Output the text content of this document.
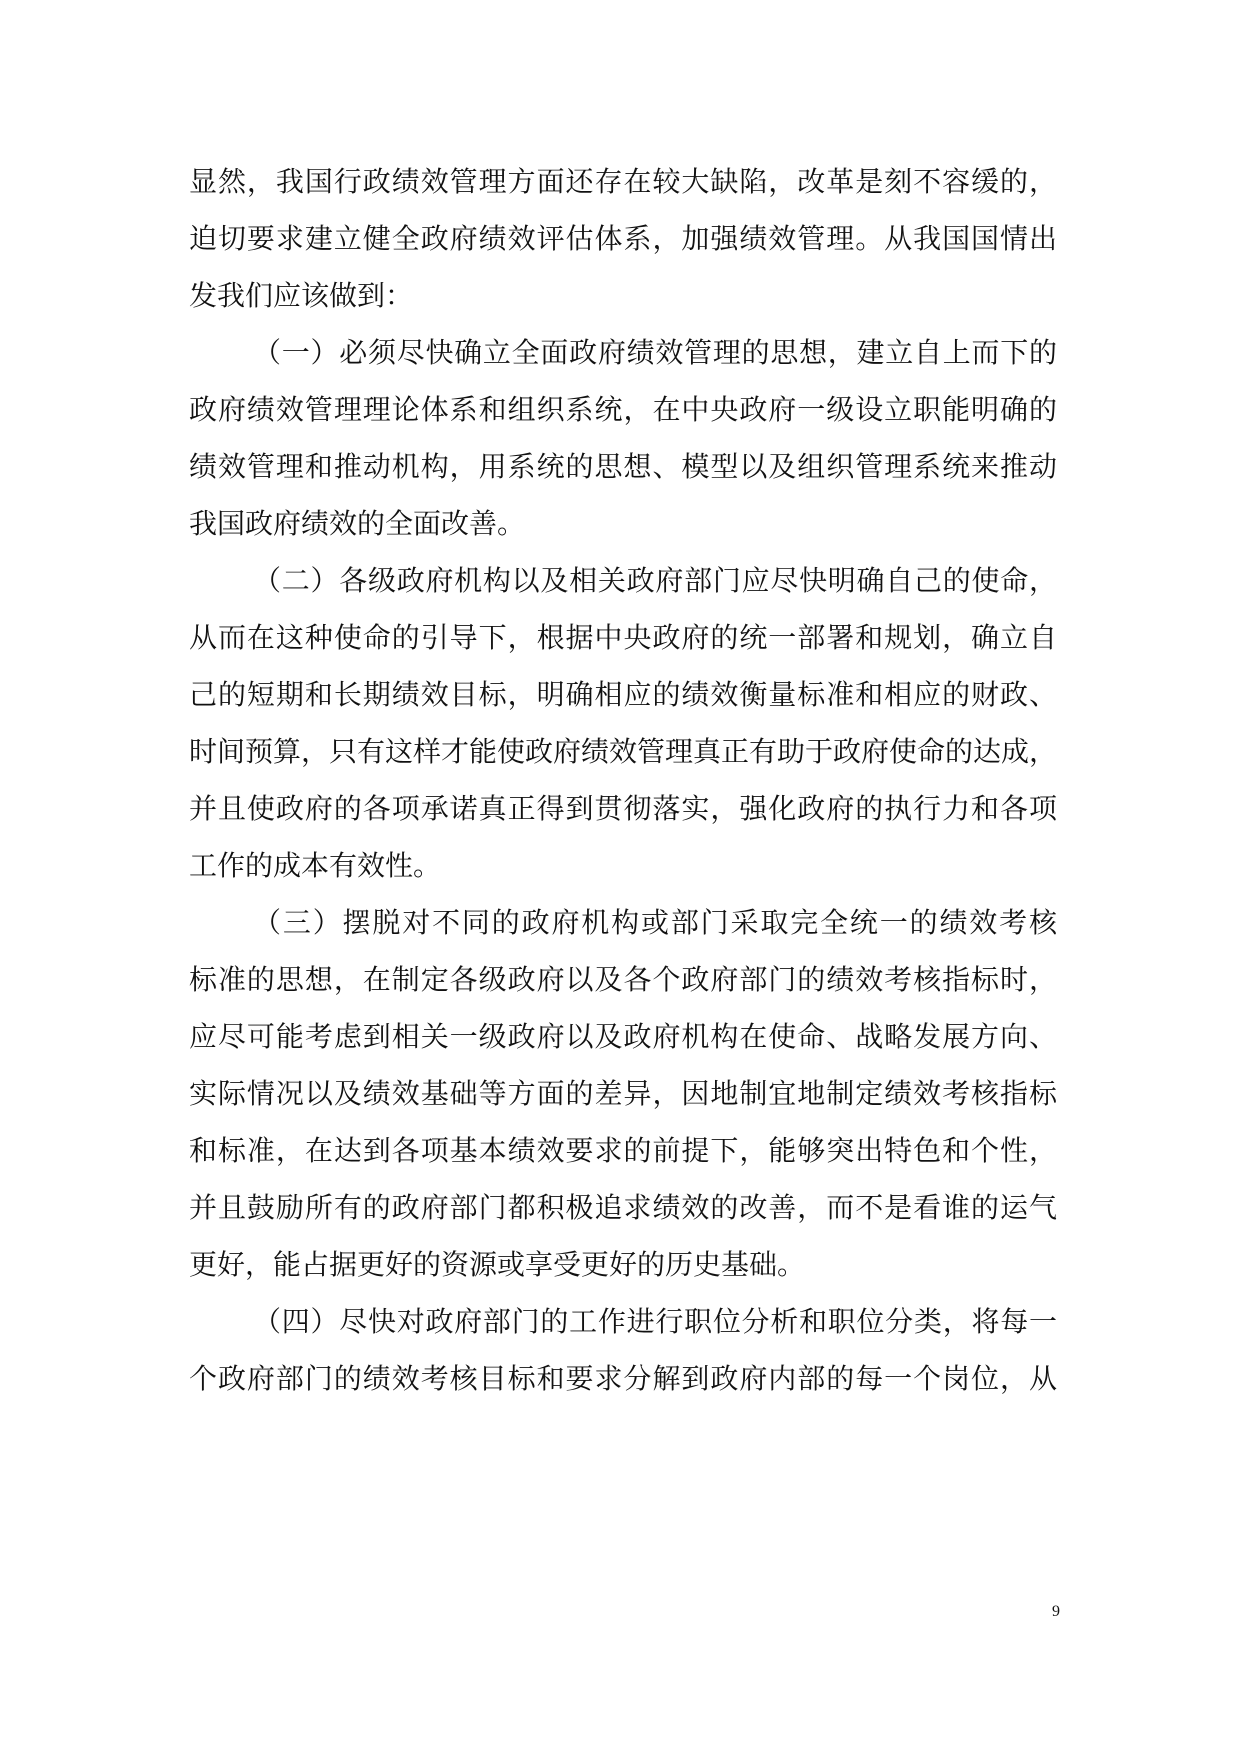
显然，我国行政绩效管理方面还存在较大缺陷，改革是刻不容缓的，
迫切要求建立健全政府绩效评估体系，加强绩效管理。从我国国情出
发我们应该做到：
（一）必须尽快确立全面政府绩效管理的思想，建立自上而下的
政府绩效管理理论体系和组织系统，在中央政府一级设立职能明确的
绩效管理和推动机构，用系统的思想、模型以及组织管理系统来推动
我国政府绩效的全面改善。
（二）各级政府机构以及相关政府部门应尽快明确自己的使命，
从而在这种使命的引导下，根据中央政府的统一部署和规划，确立自
己的短期和长期绩效目标，明确相应的绩效衡量标准和相应的财政、
时间预算，只有这样才能使政府绩效管理真正有助于政府使命的达成，
并且使政府的各项承诺真正得到贯彻落实，强化政府的执行力和各项
工作的成本有效性。
（三）摆脱对不同的政府机构或部门采取完全统一的绩效考核
标准的思想，在制定各级政府以及各个政府部门的绩效考核指标时，
应尽可能考虑到相关一级政府以及政府机构在使命、战略发展方向、
实际情况以及绩效基础等方面的差异，因地制宜地制定绩效考核指标
和标准，在达到各项基本绩效要求的前提下，能够突出特色和个性，
并且鼓励所有的政府部门都积极追求绩效的改善，而不是看谁的运气
更好，能占据更好的资源或享受更好的历史基础。
（四）尽快对政府部门的工作进行职位分析和职位分类，将每一
个政府部门的绩效考核目标和要求分解到政府内部的每一个岗位，从
9
